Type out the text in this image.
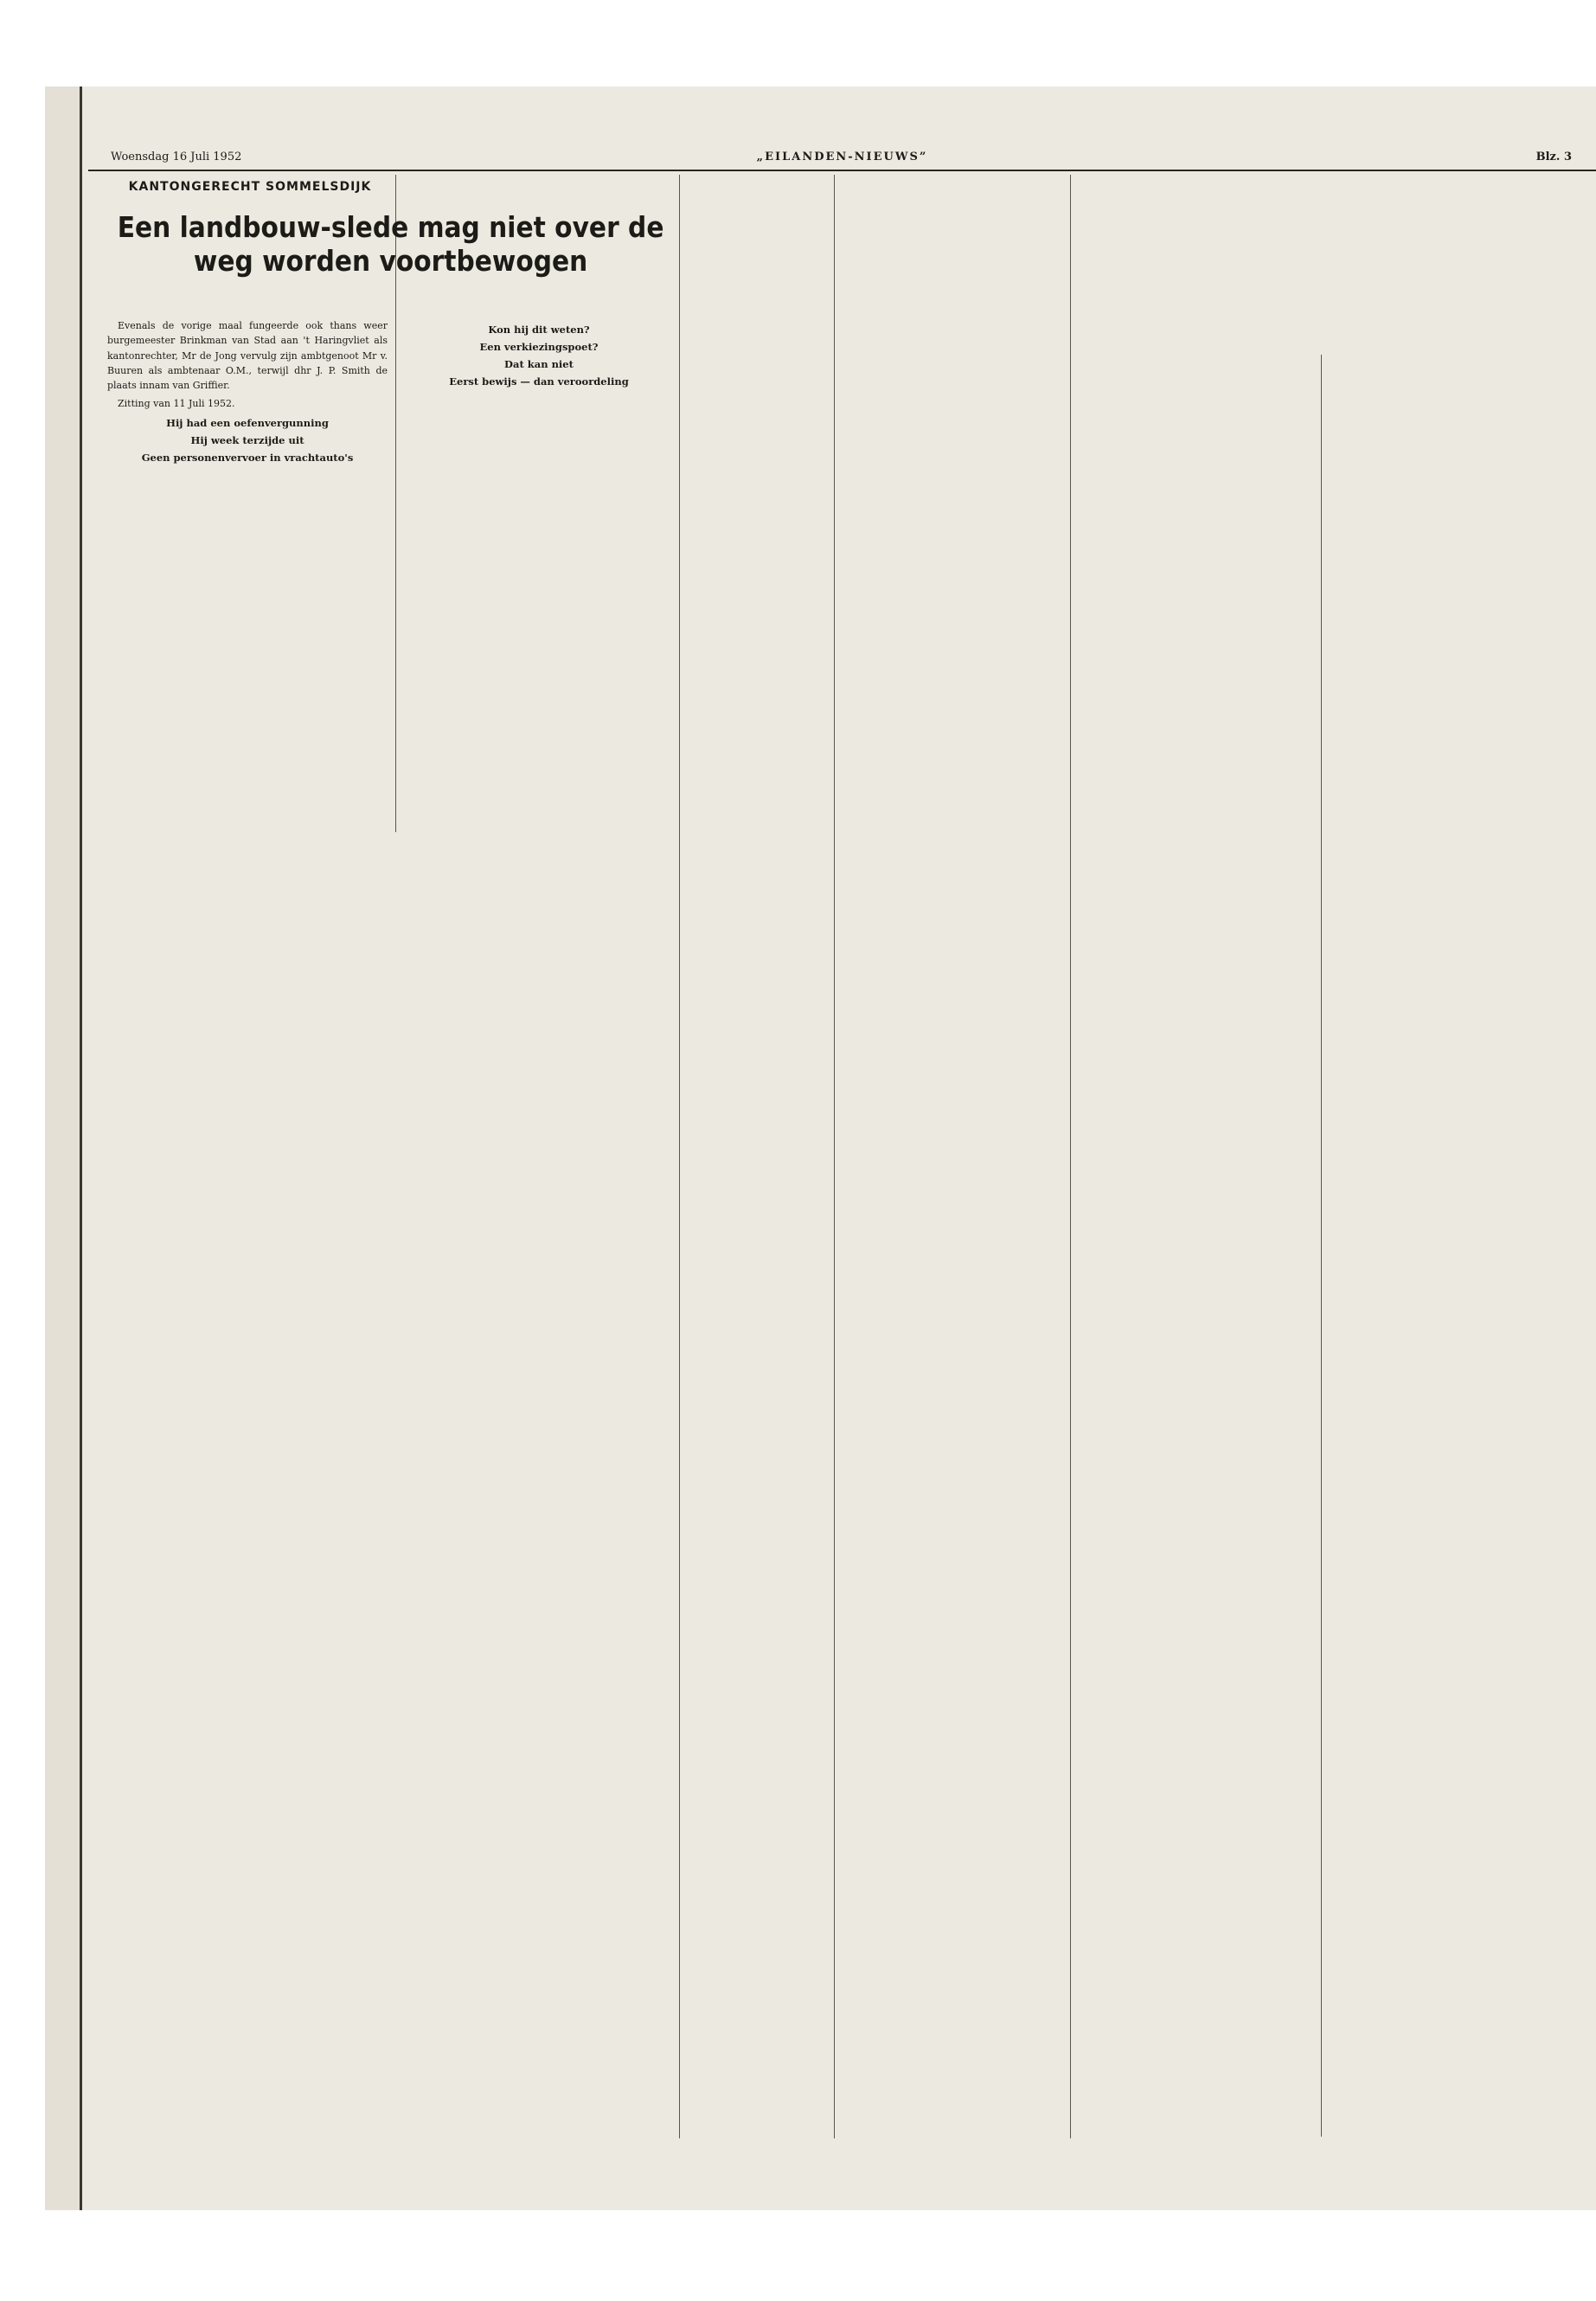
Woensdag 16 Juli 1952	„EILANDEN-NIEUWS”	Blz. 3
KANTONGERECHT SOMMELSDIJK
Een landbouw-slede mag niet over de weg worden voortbewogen

Evenals de vorige maal fungeerde ook thans weer burgemeester Brinkman van Stad aan 't Haringvliet als kantonrechter, Mr de Jong vervulg zijn ambtgenoot Mr v. Buuren als ambtenaar O.M., terwijl dhr J. P. Smith de plaats innam van Griffier.

Zitting van 11 Juli 1952.

Hij had een oefenvergunning
Hij week terzijde uit
Geen personenvervoer in vrachtauto's
Kon hij dit weten?
Een verkiezingspoet?
Dat kan niet
Eerst bewijs — dan veroordeling
